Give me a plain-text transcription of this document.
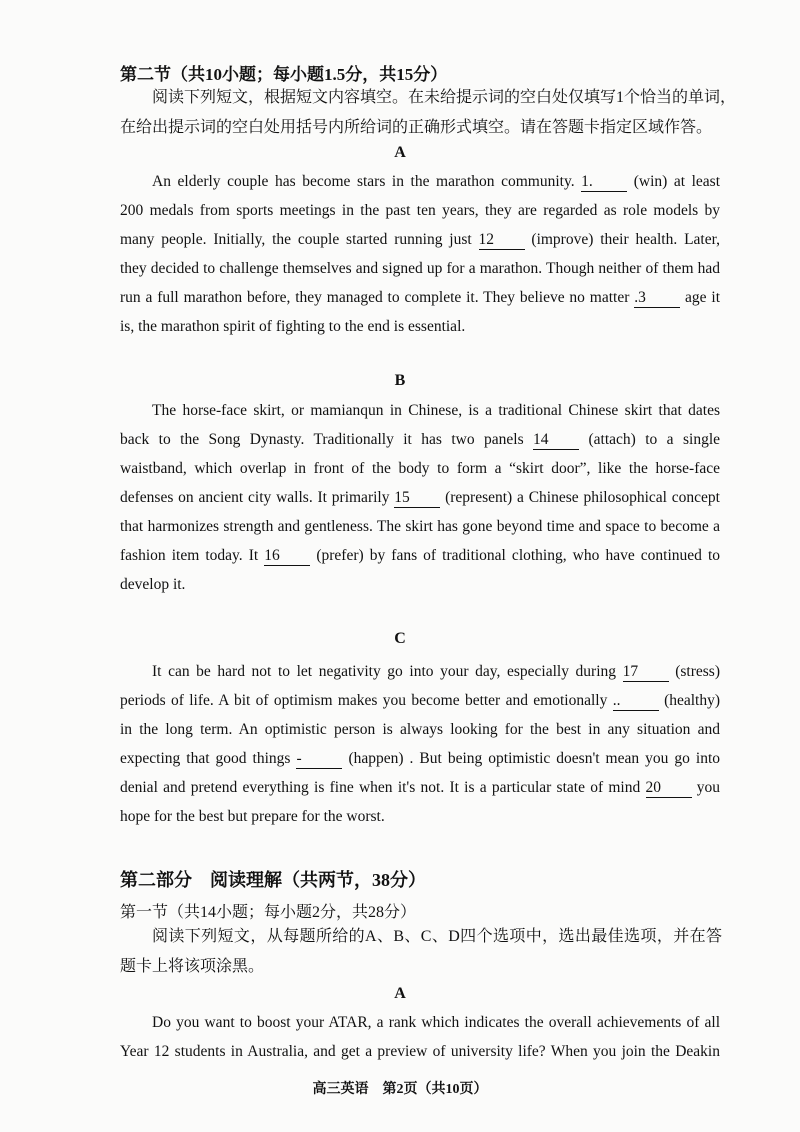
第二节（共10小题；每小题1.5分，共15分）
阅读下列短文，根据短文内容填空。在未给提示词的空白处仅填写1个恰当的单词，
在给出提示词的空白处用括号内所给词的正确形式填空。请在答题卡指定区域作答。
A
An elderly couple has become stars in the marathon community. 1.	(win) at least
200 medals from sports meetings in the past ten years, they are regarded as role models by
many people. Initially, the couple started running just 12 (improve) their health. Later,
they decided to challenge themselves and signed up for a marathon. Though neither of them had
run a full marathon before, they managed to complete it. They believe no matter .3	age it
is, the marathon spirit of fighting to the end is essential.
B
The horse-face skirt, or mamianqun in Chinese, is a traditional Chinese skirt that dates
back to the Song Dynasty. Traditionally it has two panels 14	(attach) to a single
waistband, which overlap in front of the body to form a “skirt door”, like the horse-face
defenses on ancient city walls. It primarily 15 (represent) a Chinese philosophical concept
that harmonizes strength and gentleness. The skirt has gone beyond time and space to become a
fashion item today. It 16 (prefer) by fans of traditional clothing, who have continued to
develop it.
C
It can be hard not to let negativity go into your day, especially during 17 (stress)
periods of life. A bit of optimism makes you become better and emotionally ..	(healthy)
in the long term. An optimistic person is always looking for the best in any situation and
expecting that good things -	(happen) . But being optimistic doesn't mean you go into
denial and pretend everything is fine when it's not. It is a particular state of mind 20 you
hope for the best but prepare for the worst.
第二部分　阅读理解（共两节，38分）
第一节（共14小题；每小题2分，共28分）
阅读下列短文，从每题所给的A、B、C、D四个选项中，选出最佳选项，并在答
题卡上将该项涂黑。
A
Do you want to boost your ATAR, a rank which indicates the overall achievements of all
Year 12 students in Australia, and get a preview of university life? When you join the Deakin
高三英语　第2页（共10页）
